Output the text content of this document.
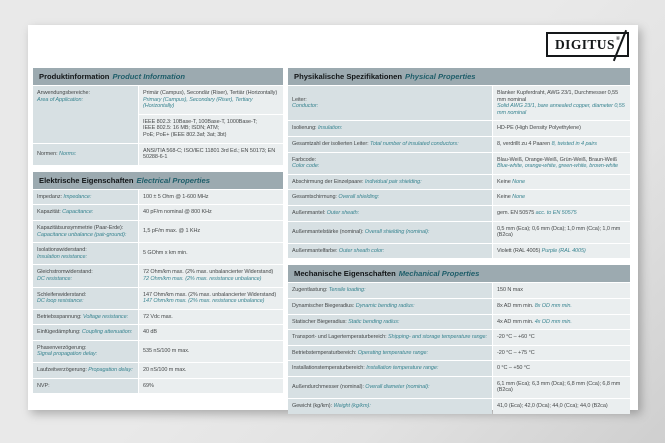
DIGITUS ®
Produktinformation Product Information
Anwendungsbereiche:
Area of Application:
Primär (Campus), Secondär (Riser), Tertiär (Horizontally)
Primary (Campus), Secondary (Riser), Tertiary (Horizontally)
IEEE 802.3: 10Base-T, 100Base-T, 1000Base-T;
IEEE 802.5: 16 MB; ISDN; ATM;
PoE; PoE+ (IEEE 802.3af; 3at; 3bt)
Normen: Norms:
ANSI/TIA 568-C; ISO/IEC 11801 3rd Ed.; EN 50173; EN 50288-6-1
Elektrische Eigenschaften Electrical Properties
Impedanz: Impedance:	100 ± 5 Ohm @ 1-600 MHz
Kapazität: Capacitance:	40 pF/m nominal @ 800 KHz
Kapazitätsunsymmetrie (Paar-Erde):
Capacitance unbalance (pair-ground):
1,5 pF/m max. @ 1 KHz
Isolationswiderstand:
Insulation resistance:
5 GOhm x km min.
Gleichstromwiderstand:
DC resistance:
72 Ohm/km max. (2% max. unbalancierter Widerstand)
72 Ohm/km max. (2% max. resistance unbalance)
Schleifenwiderstand:
DC loop resistance:
147 Ohm/km max. (2% max. unbalancierter Widerstand)
147 Ohm/km max. (2% max. resistance unbalance)
Betriebsspannung: Voltage resistance:	72 Vdc max.
Einfügedämpfung: Coupling attenuation:	40 dB
Phasenverzögerung:
Signal propagation delay:
535 nS/100 m max.
Laufzeitverzögerung: Propagation delay: 20 nS/100 m max.
NVP:	69%
Physikalische Spezifikationen Physical Properties
Leiter:
Conductor:
Blanker Kupferdraht, AWG 23/1, Durchmesser 0,55 mm nominal
Solid AWG 23/1, bare annealed copper, diameter 0,55 mm nominal
Isolierung: Insulation:	HD-PE (High Density Polyethylene)
Gesamtzahl der isolierten Leiter: Total number of insulated conductors:	8, verdrillt zu 4 Paaren 8, twisted in 4 pairs
Farbcode:
Color code:
Blau-Weiß, Orange-Weiß, Grün-Weiß, Braun-Weiß
Blue-white, orange-white, green-white, brown-white
Abschirmung der Einzelpaare: Individual pair shielding:	Keine None
Gesamtschirmung: Overall shielding:	Keine None
Außenmantel: Outer sheath:	gem. EN 50575 acc. to EN 50575
Außenmantelstärke (nominal): Overall shielding (nominal):
0,5 mm (Eca); 0,6 mm (Dca); 1,0 mm (Cca); 1,0 mm (B2ca)
Außenmantelfarbe: Outer sheath color:	Violett (RAL 4005) Purple (RAL 4005)
Mechanische Eigenschaften Mechanical Properties
Zugentlastung: Tensile loading:	150 N max
Dynamischer Biegeradius: Dynamic bending radius:	8x AD mm min. 8x OD mm min.
Statischer Biegeradius: Static bending radius:	4x AD mm min. 4x OD mm min.
Transport- und Lagertemperaturbereich: Shipping- and storage temperature range: -20 °C – +60 °C
Betriebstemperaturbereich: Operating temperature range:	-20 °C – +75 °C
Installationstemperaturbereich: Installation temperature range:	0 °C – +50 °C
Außendurchmesser (nominal): Overall diameter (nominal):
6,1 mm (Eca); 6,3 mm (Dca); 6,8 mm (Cca); 6,8 mm (B2ca)
Gewicht (kg/km): Weight (kg/km):	41,0 (Eca); 42,0 (Dca); 44,0 (Cca); 44,0 (B2ca)
